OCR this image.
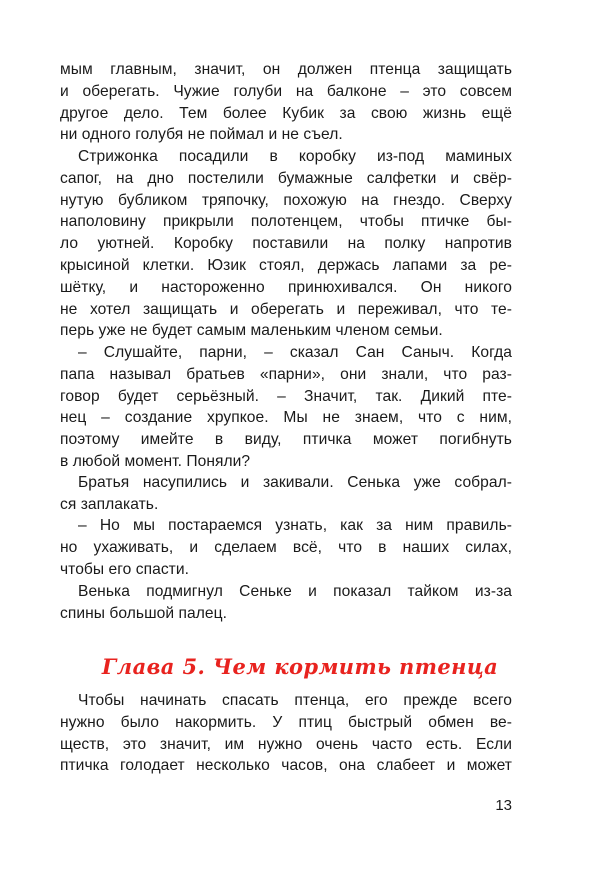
мым главным, значит, он должен птенца защищать
и оберегать. Чужие голуби на балконе – это совсем
другое дело. Тем более Кубик за свою жизнь ещё
ни одного голубя не поймал и не съел.
Стрижонка посадили в коробку из-под маминых
сапог, на дно постелили бумажные салфетки и свёр-
нутую бубликом тряпочку, похожую на гнездо. Сверху
наполовину прикрыли полотенцем, чтобы птичке бы-
ло уютней. Коробку поставили на полку напротив
крысиной клетки. Юзик стоял, держась лапами за ре-
шётку, и настороженно принюхивался. Он никого
не хотел защищать и оберегать и переживал, что те-
перь уже не будет самым маленьким членом семьи.
– Слушайте, парни, – сказал Сан Саныч. Когда
папа называл братьев «парни», они знали, что раз-
говор будет серьёзный. – Значит, так. Дикий пте-
нец – создание хрупкое. Мы не знаем, что с ним,
поэтому имейте в виду, птичка может погибнуть
в любой момент. Поняли?
Братья насупились и закивали. Сенька уже собрал-
ся заплакать.
– Но мы постараемся узнать, как за ним правиль-
но ухаживать, и сделаем всё, что в наших силах,
чтобы его спасти.
Венька подмигнул Сеньке и показал тайком из-за
спины большой палец.
Глава 5. Чем кормить птенца
Чтобы начинать спасать птенца, его прежде всего
нужно было накормить. У птиц быстрый обмен ве-
ществ, это значит, им нужно очень часто есть. Если
птичка голодает несколько часов, она слабеет и может
13
